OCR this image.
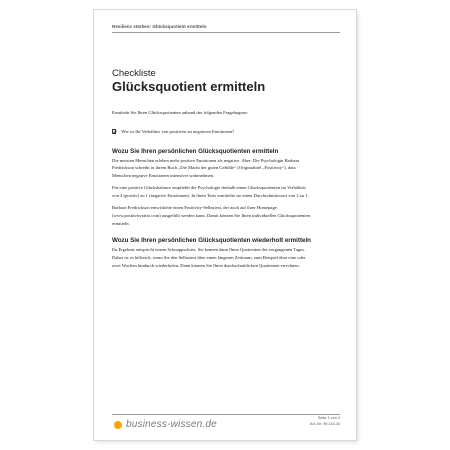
Resilienz stärken: Glücksquotient ermitteln
Checkliste
Glücksquotient ermitteln

Ermitteln Sie Ihren Glücksquotienten anhand des folgenden Fragebogens:

Wie ist Ihr Verhältnis von positiven zu negativen Emotionen?
Wozu Sie Ihren persönlichen Glücksquotienten ermitteln

Die meisten Menschen erleben mehr positive Emotionen als negative. Aber: Die Psychologin Barbara Fredrickson schreibt in ihrem Buch „Die Macht der guten Gefühle“ (Originaltitel „Positivity“), dass Menschen negative Emotionen intensiver wahrnehmen.

Für eine positive Glücksbalance empfiehlt die Psychologie deshalb einen Glücksquotienten im Verhältnis von 3 (positiv) zu 1 (negative Emotionen). In ihren Tests ermittelte sie einen Durchschnittswert von 2 zu 1.

Barbara Fredrickson entwickelte einen Positivity-Selbsttest, der auch auf ihrer Homepage (www.positivityratio.com) ausgefüllt werden kann. Damit können Sie Ihren individuellen Glücksquotienten ermitteln.

Wozu Sie Ihren persönlichen Glücksquotienten wiederholt ermitteln

Ihr Ergebnis entspricht einem Schnappschuss. Sie kennen dann Ihren Quotienten des vergangenen Tages. Daher ist es hilfreich, wenn Sie den Selbsttest über einen längeren Zeitraum, zum Beispiel über eine oder zwei Wochen hindurch wiederholen. Dann können Sie Ihren durchschnittlichen Quotienten errechnen.

business-wissen.de
Seite 1 von 4
Art.-Nr. 99.143.34
